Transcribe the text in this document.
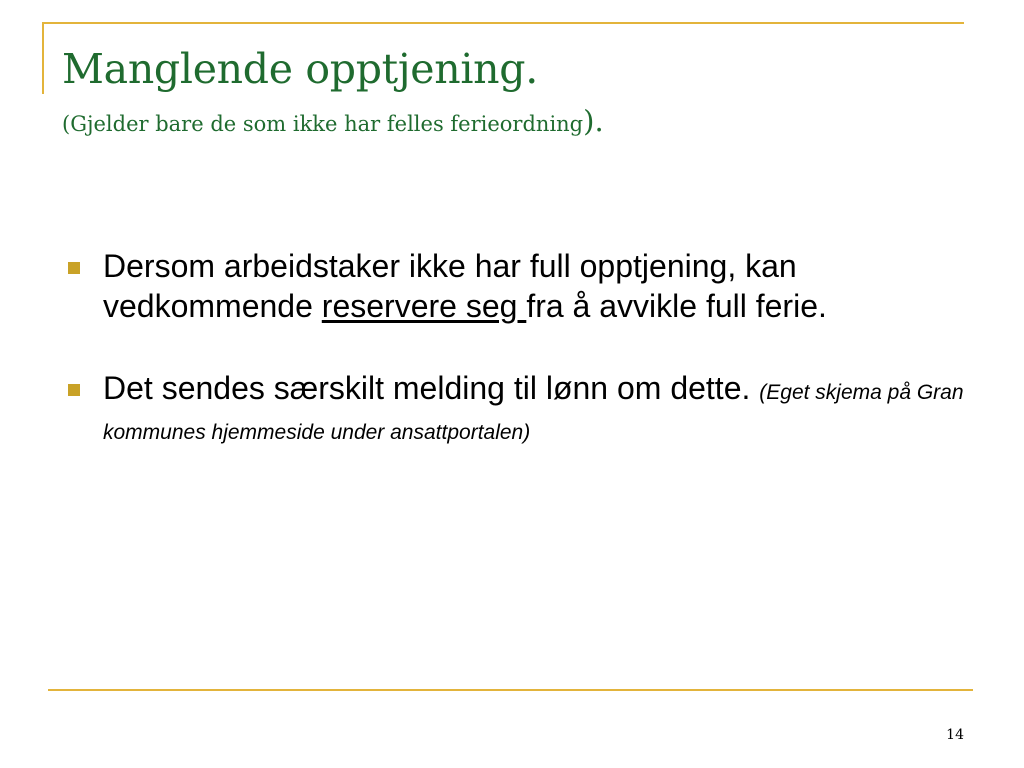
Manglende opptjening.
(Gjelder bare de som ikke har felles ferieordning).
Dersom arbeidstaker ikke har full opptjening, kan vedkommende reservere seg fra å avvikle full ferie.
Det sendes særskilt melding til lønn om dette. (Eget skjema på Gran kommunes hjemmeside under ansattportalen)
14
